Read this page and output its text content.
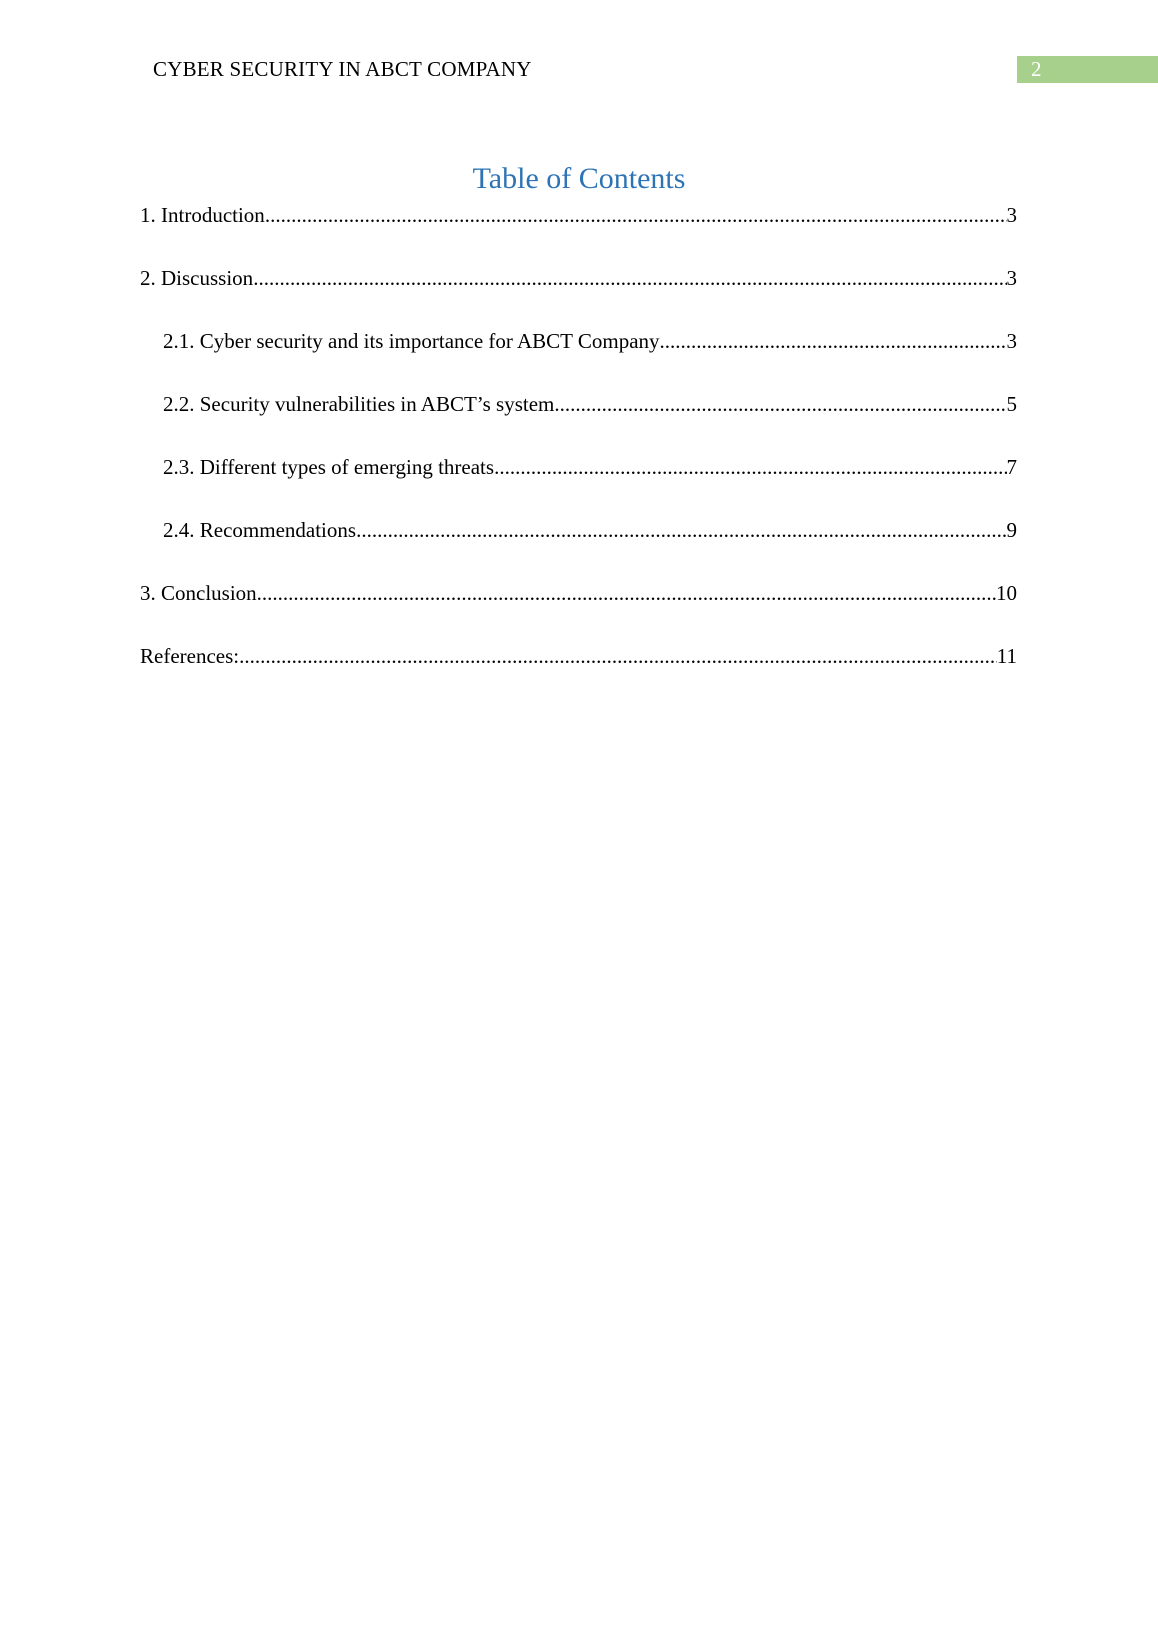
CYBER SECURITY IN ABCT COMPANY	2
Table of Contents
1. Introduction .....	3
2. Discussion .....	3
2.1. Cyber security and its importance for ABCT Company .....	3
2.2. Security vulnerabilities in ABCT’s system .....	5
2.3. Different types of emerging threats .....	7
2.4. Recommendations .....	9
3. Conclusion .....	10
References: .....	11
